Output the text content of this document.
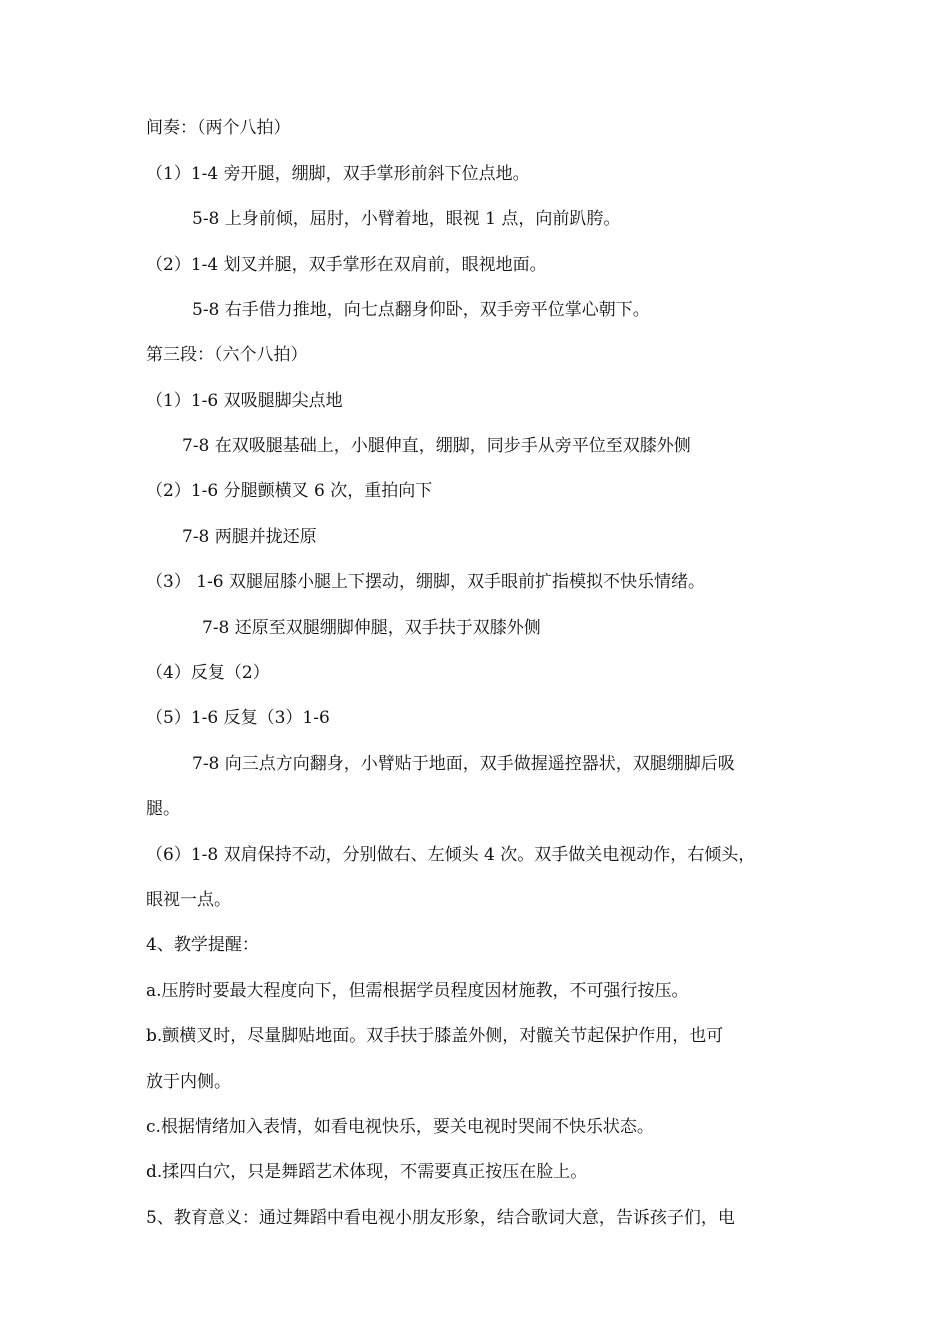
间奏：（两个八拍）
（1）1-4 旁开腿，绷脚，双手掌形前斜下位点地。
5-8 上身前倾，屈肘，小臂着地，眼视 1 点，向前趴胯。
（2）1-4 划叉并腿，双手掌形在双肩前，眼视地面。
5-8 右手借力推地，向七点翻身仰卧，双手旁平位掌心朝下。
第三段：（六个八拍）
（1）1-6 双吸腿脚尖点地
7-8 在双吸腿基础上，小腿伸直，绷脚，同步手从旁平位至双膝外侧
（2）1-6 分腿颤横叉 6 次，重拍向下
7-8 两腿并拢还原
（3） 1-6 双腿屈膝小腿上下摆动，绷脚，双手眼前扩指模拟不快乐情绪。
7-8 还原至双腿绷脚伸腿，双手扶于双膝外侧
（4）反复（2）
（5）1-6 反复（3）1-6
7-8 向三点方向翻身，小臂贴于地面，双手做握遥控器状，双腿绷脚后吸
腿。
（6）1-8 双肩保持不动，分别做右、左倾头 4 次。双手做关电视动作，右倾头，
眼视一点。
4、教学提醒：
a.压胯时要最大程度向下，但需根据学员程度因材施教，不可强行按压。
b.颤横叉时，尽量脚贴地面。双手扶于膝盖外侧，对髋关节起保护作用，也可
放于内侧。
c.根据情绪加入表情，如看电视快乐，要关电视时哭闹不快乐状态。
d.揉四白穴，只是舞蹈艺术体现，不需要真正按压在脸上。
5、教育意义：通过舞蹈中看电视小朋友形象，结合歌词大意，告诉孩子们，电
